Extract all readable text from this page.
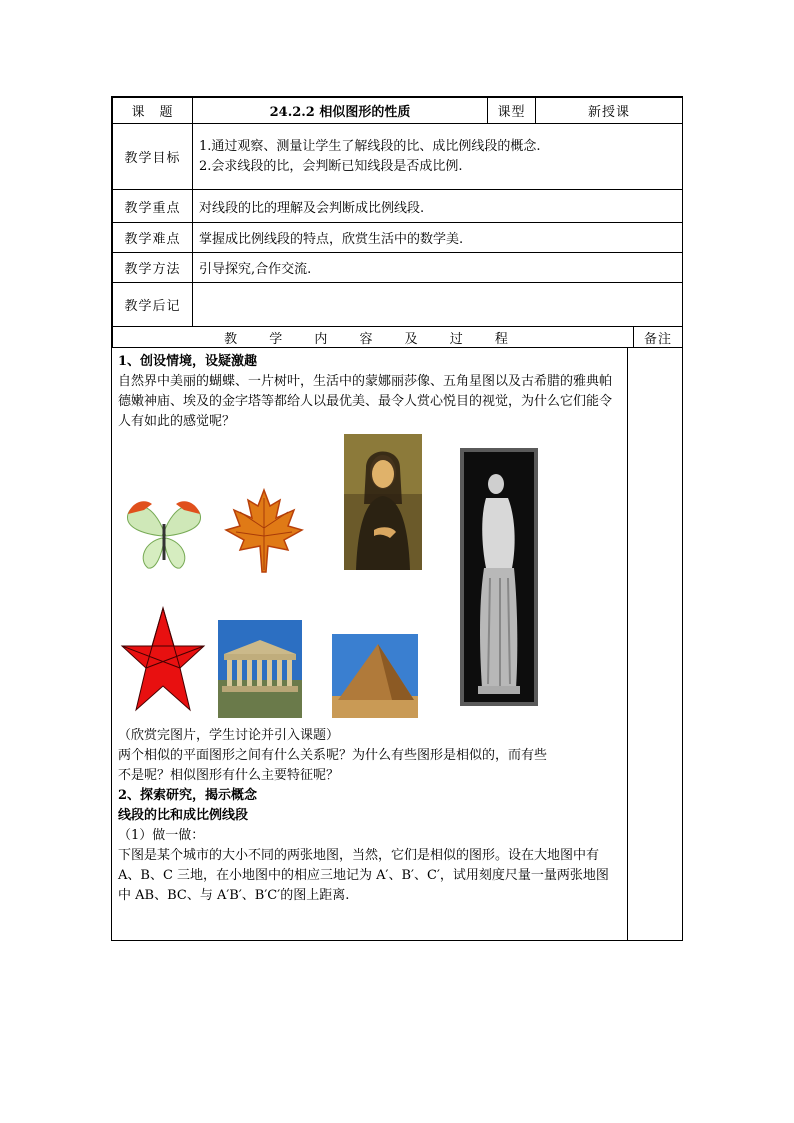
课　题	24.2.2 相似图形的性质	课型	新授课	
教学目标	1.通过观察、测量让学生了解线段的比、成比例线段的概念.
2.会求线段的比，会判断已知线段是否成比例.			

教学重点	对线段的比的理解及会判断成比例线段.			
教学难点	掌握成比例线段的特点，欣赏生活中的数学美.			
教学方法	引导探究,合作交流.			
教学后记				
教 学 内 容 及 过 程				备注

1、创设情境，设疑激趣

自然界中美丽的蝴蝶、一片树叶，生活中的蒙娜丽莎像、五角星图以及古希腊的雅典帕德嫩神庙、埃及的金字塔等都给人以最优美、最令人赏心悦目的视觉，为什么它们能令人有如此的感觉呢？

（欣赏完图片，学生讨论并引入课题）

两个相似的平面图形之间有什么关系呢？为什么有些图形是相似的，而有些

不是呢？相似图形有什么主要特征呢？

2、探索研究，揭示概念

线段的比和成比例线段

（1）做一做：

下图是某个城市的大小不同的两张地图，当然，它们是相似的图形。设在大地图中有 A、B、C 三地，在小地图中的相应三地记为 A′、B′、C′，试用刻度尺量一量两张地图中 AB、BC、与 A′B′、B′C′的图上距离.
